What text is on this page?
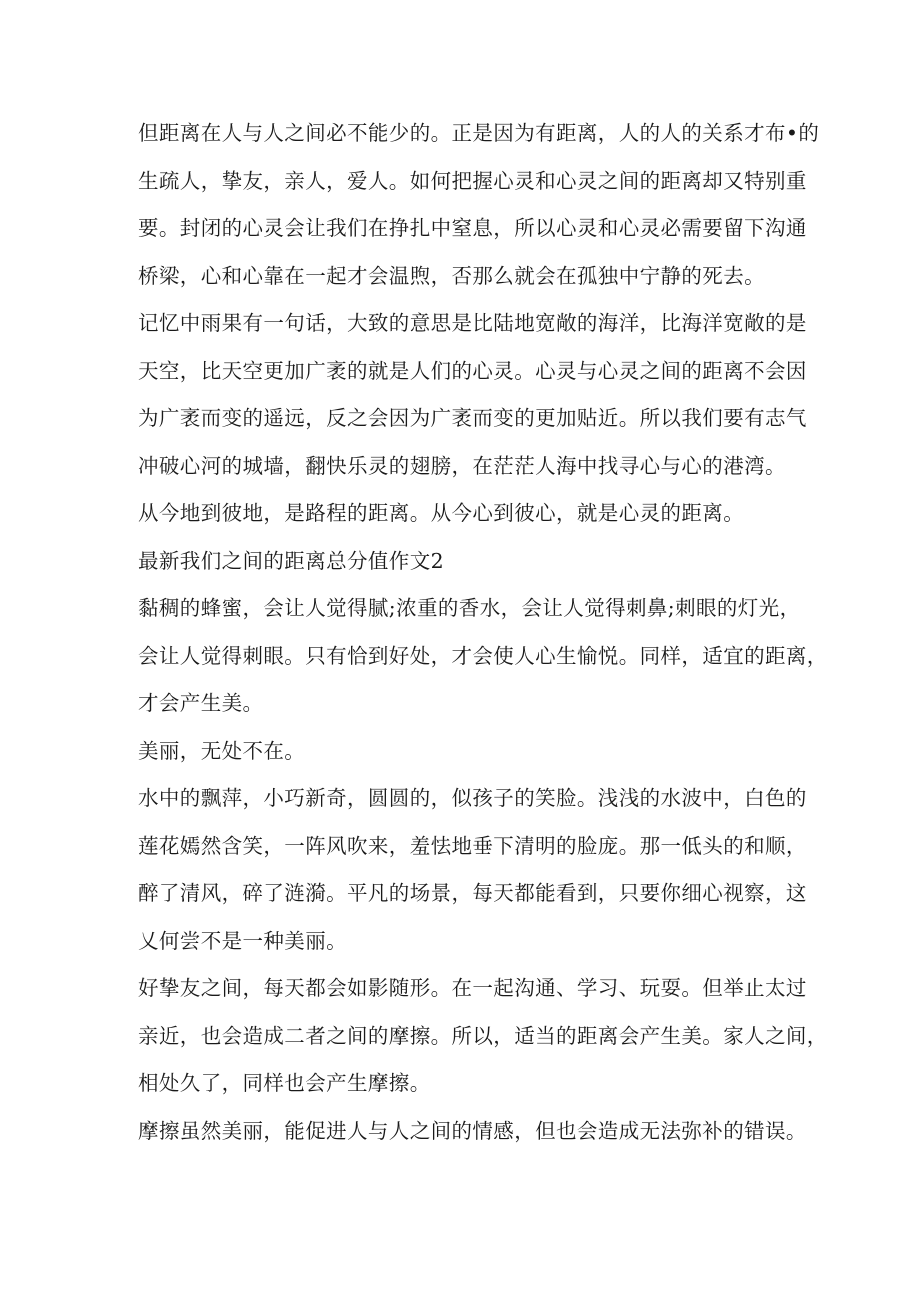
但距离在人与人之间必不能少的。正是因为有距离，人的人的关系才布•的
生疏人，挚友，亲人，爱人。如何把握心灵和心灵之间的距离却又特别重
要。封闭的心灵会让我们在挣扎中窒息，所以心灵和心灵必需要留下沟通
桥梁，心和心靠在一起才会温煦，否那么就会在孤独中宁静的死去。
记忆中雨果有一句话，大致的意思是比陆地宽敞的海洋，比海洋宽敞的是
天空，比天空更加广袤的就是人们的心灵。心灵与心灵之间的距离不会因
为广袤而变的遥远，反之会因为广袤而变的更加贴近。所以我们要有志气
冲破心河的城墙，翻快乐灵的翅膀，在茫茫人海中找寻心与心的港湾。
从今地到彼地，是路程的距离。从今心到彼心，就是心灵的距离。
最新我们之间的距离总分值作文2
黏稠的蜂蜜，会让人觉得腻;浓重的香水，会让人觉得刺鼻;刺眼的灯光，
会让人觉得刺眼。只有恰到好处，才会使人心生愉悦。同样，适宜的距离，
才会产生美。
美丽，无处不在。
水中的飘萍，小巧新奇，圆圆的，似孩子的笑脸。浅浅的水波中，白色的
莲花嫣然含笑，一阵风吹来，羞怯地垂下清明的脸庞。那一低头的和顺，
醉了清风，碎了涟漪。平凡的场景，每天都能看到，只要你细心视察，这
乂何尝不是一种美丽。
好挚友之间，每天都会如影随形。在一起沟通、学习、玩耍。但举止太过
亲近，也会造成二者之间的摩擦。所以，适当的距离会产生美。家人之间，
相处久了，同样也会产生摩擦。
摩擦虽然美丽，能促进人与人之间的情感，但也会造成无法弥补的错误。
